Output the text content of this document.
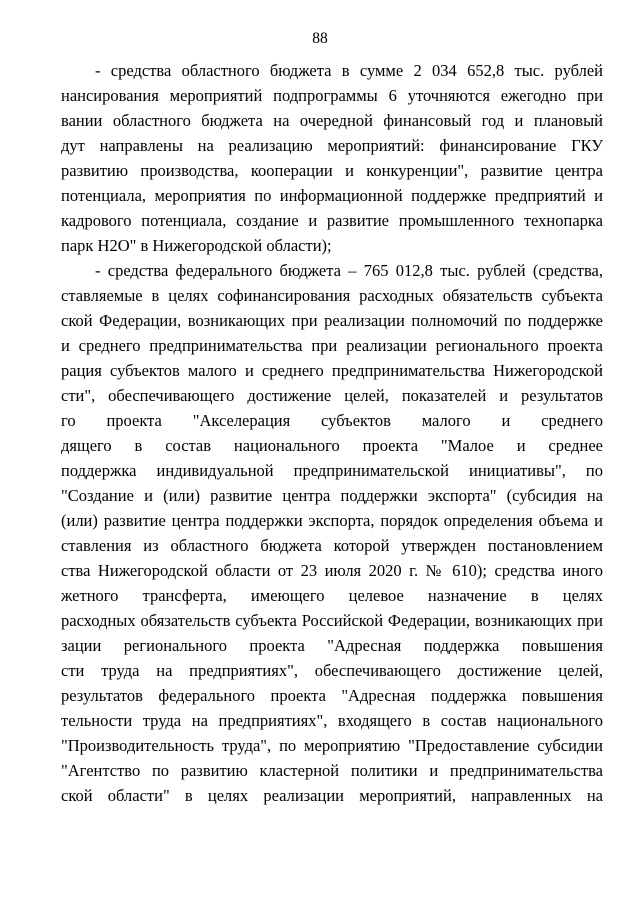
88
- средства областного бюджета в сумме 2 034 652,8 тыс. рублей
нансирования мероприятий подпрограммы 6 уточняются ежегодно при
вании областного бюджета на очередной финансовый год и плановый
дут направлены на реализацию мероприятий: финансирование ГКУ
развитию производства, кооперации и конкуренции", развитие центра
потенциала, мероприятия по информационной поддержке предприятий и
кадрового потенциала, создание и развитие промышленного технопарка
парк Н2О" в Нижегородской области);
- средства федерального бюджета – 765 012,8 тыс. рублей (средства,
ставляемые в целях софинансирования расходных обязательств субъекта
ской Федерации, возникающих при реализации полномочий по поддержке
и среднего предпринимательства при реализации регионального проекта
рация субъектов малого и среднего предпринимательства Нижегородской
сти", обеспечивающего достижение целей, показателей и результатов
го проекта "Акселерация субъектов малого и среднего
дящего в состав национального проекта "Малое и среднее
поддержка индивидуальной предпринимательской инициативы", по
"Создание и (или) развитие центра поддержки экспорта" (субсидия на
(или) развитие центра поддержки экспорта, порядок определения объема и
ставления из областного бюджета которой утвержден постановлением
ства Нижегородской области от 23 июля 2020 г. № 610); средства иного
жетного трансферта, имеющего целевое назначение в целях
расходных обязательств субъекта Российской Федерации, возникающих при
зации регионального проекта "Адресная поддержка повышения
сти труда на предприятиях", обеспечивающего достижение целей,
результатов федерального проекта "Адресная поддержка повышения
тельности труда на предприятиях", входящего в состав национального
"Производительность труда", по мероприятию "Предоставление субсидии
"Агентство по развитию кластерной политики и предпринимательства
ской области" в целях реализации мероприятий, направленных на
